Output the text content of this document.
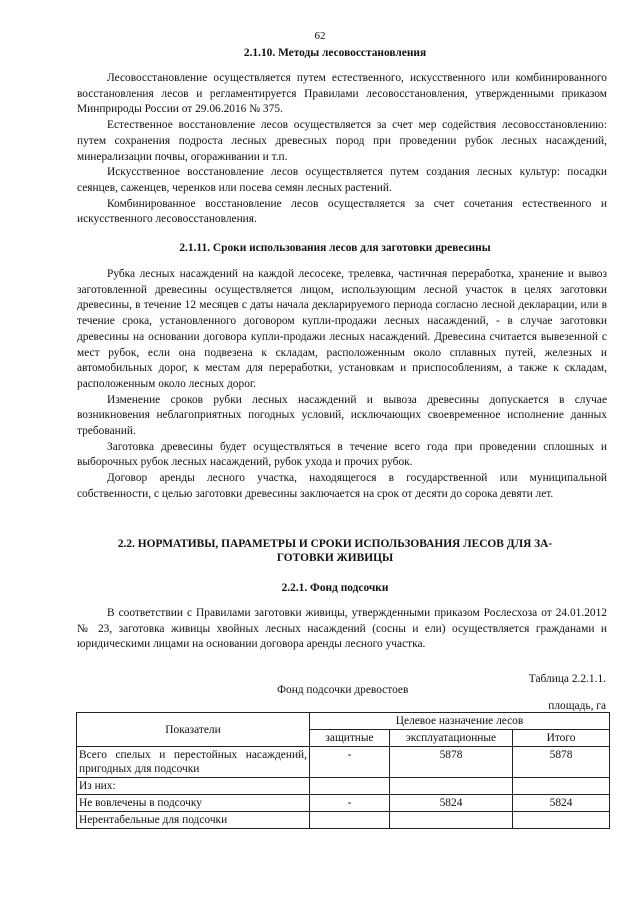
62
2.1.10. Методы лесовосстановления

Лесовосстановление осуществляется путем естественного, искусственного или комбинированного восстановления лесов и регламентируется Правилами лесовосстановления, утвержденными приказом Минприроды России от 29.06.2016 № 375.

Естественное восстановление лесов осуществляется за счет мер содействия лесовосстановлению: путем сохранения подроста лесных древесных пород при проведении рубок лесных насаждений, минерализации почвы, огораживании и т.п.

Искусственное восстановление лесов осуществляется путем создания лесных культур: посадки сеянцев, саженцев, черенков или посева семян лесных растений.

Комбинированное восстановление лесов осуществляется за счет сочетания естественного и искусственного лесовосстановления.

2.1.11. Сроки использования лесов для заготовки древесины

Рубка лесных насаждений на каждой лесосеке, трелевка, частичная переработка, хранение и вывоз заготовленной древесины осуществляется лицом, использующим лесной участок в целях заготовки древесины, в течение 12 месяцев с даты начала декларируемого периода согласно лесной декларации, или в течение срока, установленного договором купли-продажи лесных насаждений, - в случае заготовки древесины на основании договора купли-продажи лесных насаждений. Древесина считается вывезенной с мест рубок, если она подвезена к складам, расположенным около сплавных путей, железных и автомобильных дорог, к местам для переработки, установкам и приспособлениям, а также к складам, расположенным около лесных дорог.

Изменение сроков рубки лесных насаждений и вывоза древесины допускается в случае возникновения неблагоприятных погодных условий, исключающих своевременное исполнение данных требований.

Заготовка древесины будет осуществляться в течение всего года при проведении сплошных и выборочных рубок лесных насаждений, рубок ухода и прочих рубок.

Договор аренды лесного участка, находящегося в государственной или муниципальной собственности, с целью заготовки древесины заключается на срок от десяти до сорока девяти лет.

2.2. НОРМАТИВЫ, ПАРАМЕТРЫ И СРОКИ ИСПОЛЬЗОВАНИЯ ЛЕСОВ ДЛЯ ЗА-
ГОТОВКИ ЖИВИЦЫ
2.2.1. Фонд подсочки

В соответствии с Правилами заготовки живицы, утвержденными приказом Рослесхоза от 24.01.2012 № 23, заготовка живицы хвойных лесных насаждений (сосны и ели) осуществляется гражданами и юридическими лицами на основании договора аренды лесного участка.

Таблица 2.2.1.1.
Фонд подсочки древостоев
площадь, га
Показатели	Целевое назначение лесов		
	защитные	эксплуатационные	Итого
Всего спелых и перестойных насаждений, пригодных для подсочки	-	5878	5878
Из них:			
Не вовлечены в подсочку	-	5824	5824
Нерентабельные для подсочки			
